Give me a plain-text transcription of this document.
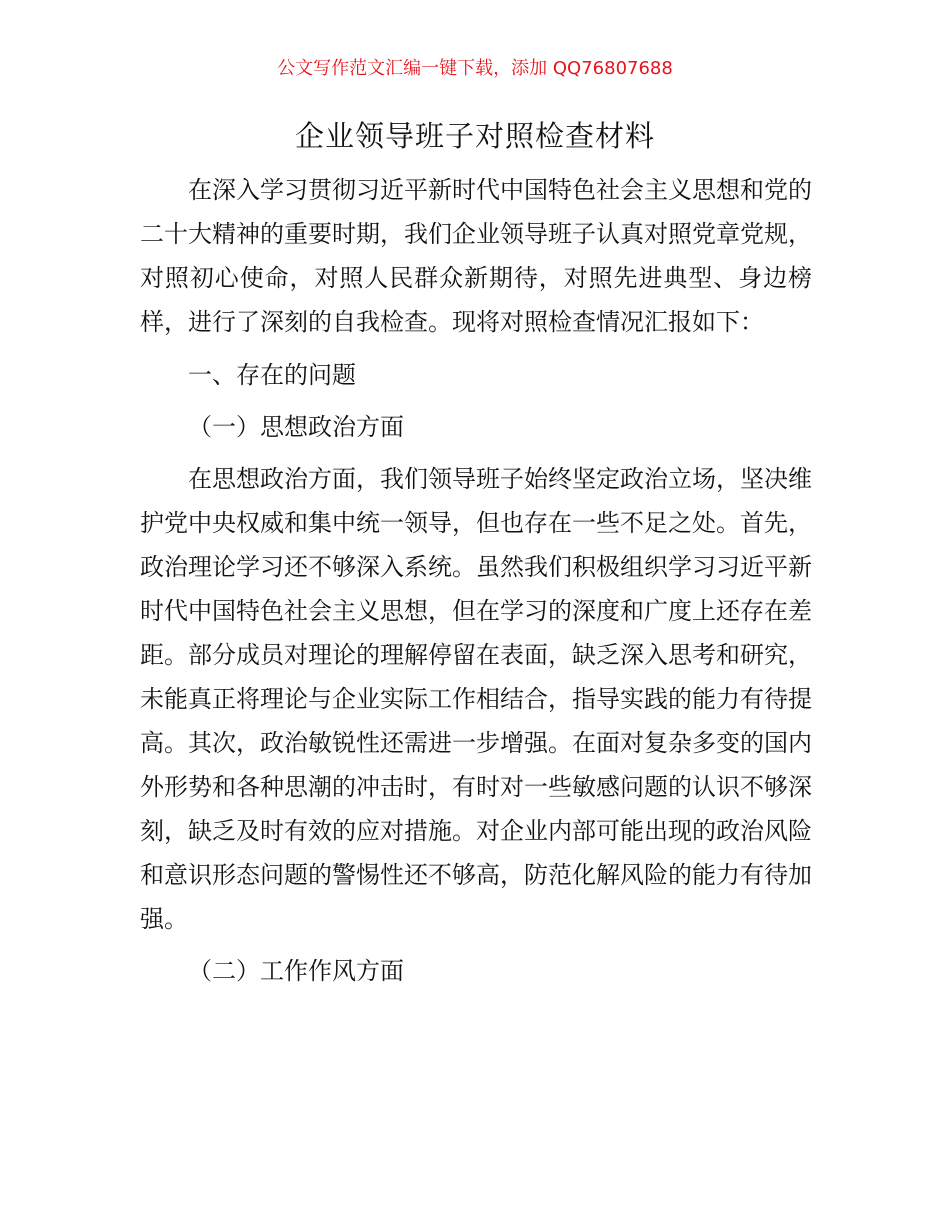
公文写作范文汇编一键下载，添加 QQ76807688
企业领导班子对照检查材料

在深入学习贯彻习近平新时代中国特色社会主义思想和党的二十大精神的重要时期，我们企业领导班子认真对照党章党规，对照初心使命，对照人民群众新期待，对照先进典型、身边榜样，进行了深刻的自我检查。现将对照检查情况汇报如下：

一、存在的问题

（一）思想政治方面

在思想政治方面，我们领导班子始终坚定政治立场，坚决维护党中央权威和集中统一领导，但也存在一些不足之处。首先，政治理论学习还不够深入系统。虽然我们积极组织学习习近平新时代中国特色社会主义思想，但在学习的深度和广度上还存在差距。部分成员对理论的理解停留在表面，缺乏深入思考和研究，未能真正将理论与企业实际工作相结合，指导实践的能力有待提高。其次，政治敏锐性还需进一步增强。在面对复杂多变的国内外形势和各种思潮的冲击时，有时对一些敏感问题的认识不够深刻，缺乏及时有效的应对措施。对企业内部可能出现的政治风险和意识形态问题的警惕性还不够高，防范化解风险的能力有待加强。

（二）工作作风方面
